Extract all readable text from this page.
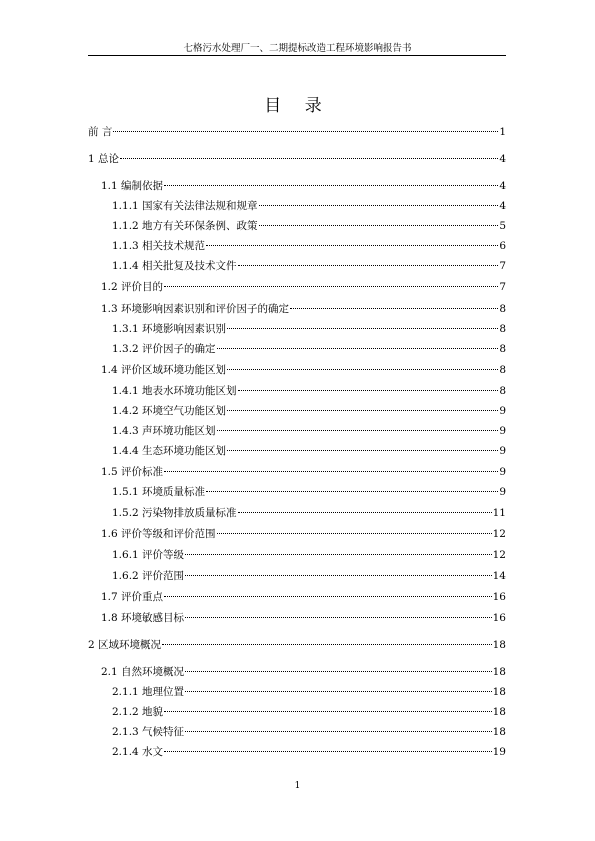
七格污水处理厂一、二期提标改造工程环境影响报告书
目 录
前 言	1
1 总论	4
1.1 编制依据	4
1.1.1 国家有关法律法规和规章	4
1.1.2 地方有关环保条例、政策	5
1.1.3 相关技术规范	6
1.1.4 相关批复及技术文件	7
1.2 评价目的	7
1.3 环境影响因素识别和评价因子的确定	8
1.3.1 环境影响因素识别	8
1.3.2 评价因子的确定	8
1.4 评价区域环境功能区划	8
1.4.1 地表水环境功能区划	8
1.4.2 环境空气功能区划	9
1.4.3 声环境功能区划	9
1.4.4 生态环境功能区划	9
1.5 评价标准	9
1.5.1 环境质量标准	9
1.5.2 污染物排放质量标准	11
1.6 评价等级和评价范围	12
1.6.1 评价等级	12
1.6.2 评价范围	14
1.7 评价重点	16
1.8 环境敏感目标	16
2 区域环境概况	18
2.1 自然环境概况	18
2.1.1 地理位置	18
2.1.2 地貌	18
2.1.3 气候特征	18
2.1.4 水文	19
1
